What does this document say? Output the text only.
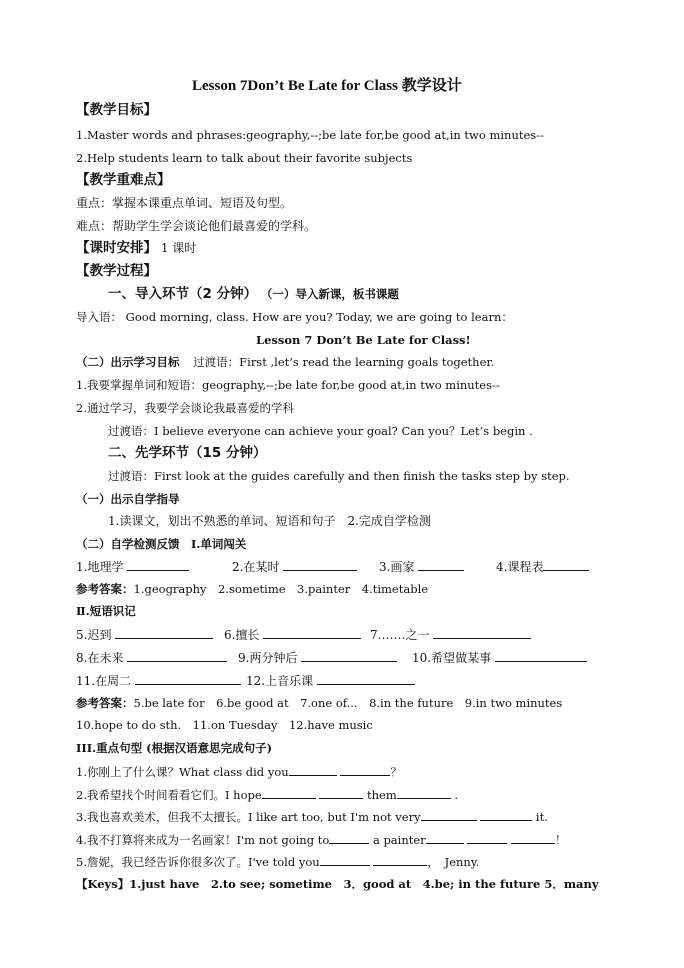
Lesson 7Don’t Be Late for Class 教学设计
【教学目标】
1.Master words and phrases:geography,--;be late for,be good at,in two minutes--
2.Help students learn to talk about their favorite subjects
【教学重难点】
重点：掌握本课重点单词、短语及句型。
难点：帮助学生学会谈论他们最喜爱的学科。
【课时安排】 1 课时
【教学过程】
一、导入环节（2 分钟） （一）导入新课，板书课题
导入语： Good morning, class. How are you? Today, we are going to learn：
Lesson 7 Don’t Be Late for Class!
（二）出示学习目标 过渡语：First ,let’s read the learning goals together.
1.我要掌握单词和短语：geography,--;be late for,be good at,in two minutes--
2.通过学习，我要学会谈论我最喜爱的学科
过渡语：I believe everyone can achieve your goal? Can you？Let’s begin .
二、先学环节（15 分钟）
过渡语：First look at the guides carefully and then finish the tasks step by step.
（一）出示自学指导
1.读课文，划出不熟悉的单词、短语和句子　2.完成自学检测
（二）自学检测反馈　Ⅰ.单词闯关
1.地理学	2.在某时	3.画家	4.课程表
参考答案：1.geography　2.sometime　3.painter　4.timetable
Ⅱ.短语识记
5.迟到	6.擅长	7.……之一
8.在未来	9.两分钟后	10.希望做某事
11.在周二	12.上音乐课
参考答案：5.be late for　6.be good at　7.one of...　8.in the future　9.in two minutes
10.hope to do sth.　11.on Tuesday　12.have music
III.重点句型 (根据汉语意思完成句子)
1.你刚上了什么课？What class did you	？
2.我希望找个时间看看它们。I hope	them	.
3.我也喜欢美术，但我不太擅长。I like art too, but I'm not very	it.
4.我不打算将来成为一名画家！I'm not going to	a painter	！
5.詹妮，我已经告诉你很多次了。I've told you	，　Jenny.
【Keys】1.just have　2.to see; sometime　3．good at　4.be; in the future 5．many
